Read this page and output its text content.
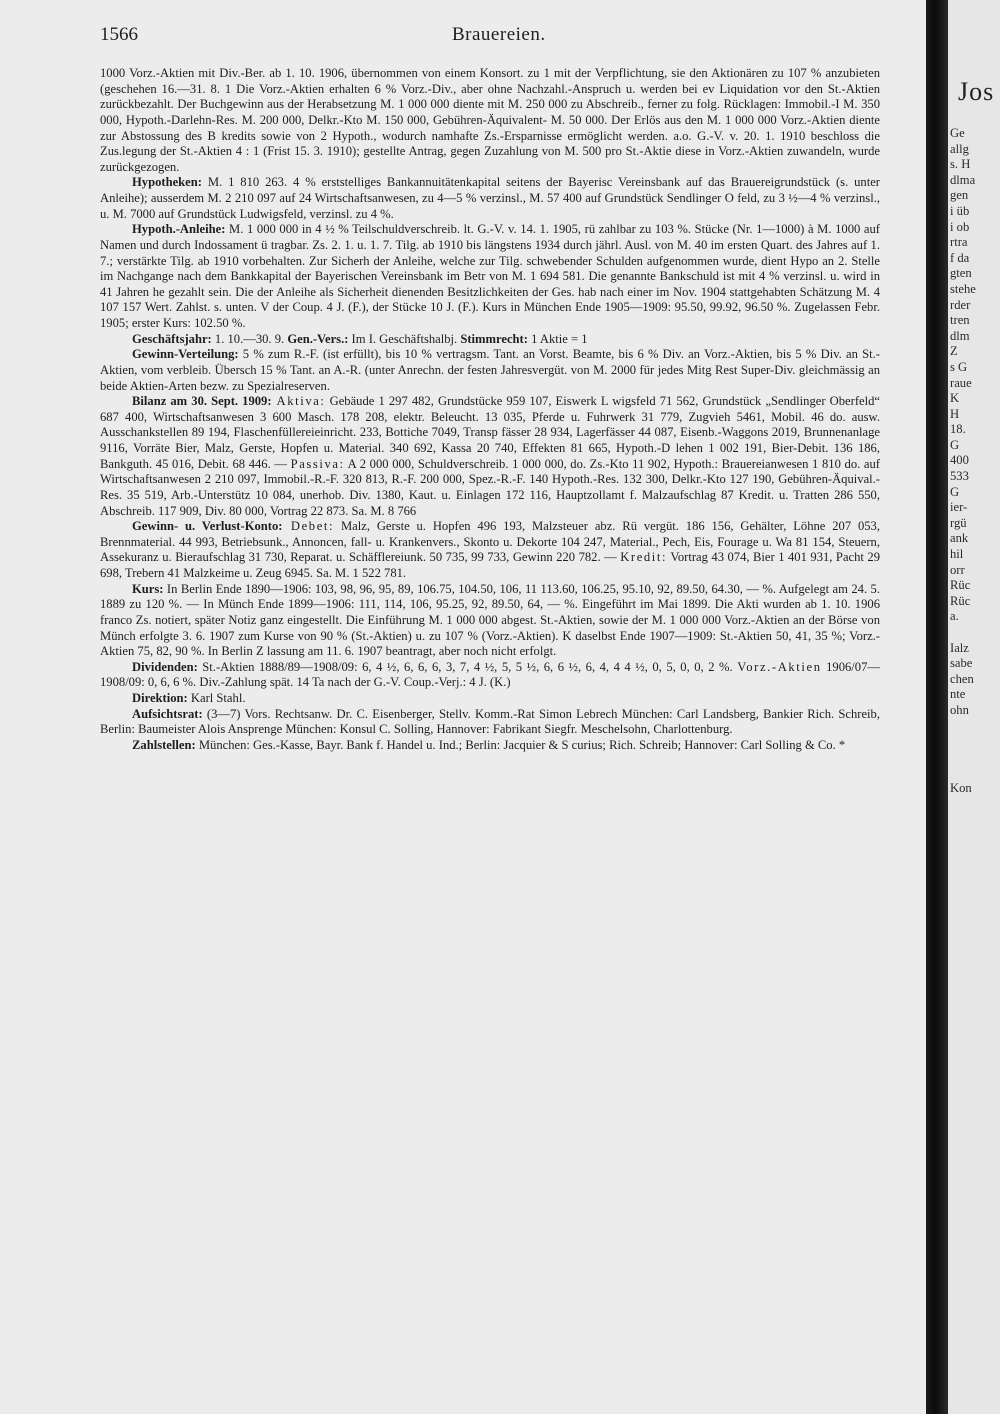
1566	Brauereien.

1000 Vorz.-Aktien mit Div.-Ber. ab 1. 10. 1906, übernommen von einem Konsort. zu 1 mit der Verpflichtung, sie den Aktionären zu 107 % anzubieten (geschehen 16.—31. 8. 1 Die Vorz.-Aktien erhalten 6 % Vorz.-Div., aber ohne Nachzahl.-Anspruch u. werden bei ev Liquidation vor den St.-Aktien zurückbezahlt. Der Buchgewinn aus der Herabsetzung M. 1 000 000 diente mit M. 250 000 zu Abschreib., ferner zu folg. Rücklagen: Immobil.-I M. 350 000, Hypoth.-Darlehn-Res. M. 200 000, Delkr.-Kto M. 150 000, Gebühren-Äquivalent- M. 50 000. Der Erlös aus den M. 1 000 000 Vorz.-Aktien diente zur Abstossung des B kredits sowie von 2 Hypoth., wodurch namhafte Zs.-Ersparnisse ermöglicht werden. a.o. G.-V. v. 20. 1. 1910 beschloss die Zus.legung der St.-Aktien 4 : 1 (Frist 15. 3. 1910); gestellte Antrag, gegen Zuzahlung von M. 500 pro St.-Aktie diese in Vorz.-Aktien zuwandeln, wurde zurückgezogen.

Hypotheken: M. 1 810 263. 4 % erststelliges Bankannuitätenkapital seitens der Bayerisc Vereinsbank auf das Brauereigrundstück (s. unter Anleihe); ausserdem M. 2 210 097 auf 24 Wirtschaftsanwesen, zu 4—5 % verzinsl., M. 57 400 auf Grundstück Sendlinger O feld, zu 3 ½—4 % verzinsl., u. M. 7000 auf Grundstück Ludwigsfeld, verzinsl. zu 4 %.

Hypoth.-Anleihe: M. 1 000 000 in 4 ½ % Teilschuldverschreib. lt. G.-V. v. 14. 1. 1905, rü zahlbar zu 103 %. Stücke (Nr. 1—1000) à M. 1000 auf Namen und durch Indossament ü tragbar. Zs. 2. 1. u. 1. 7. Tilg. ab 1910 bis längstens 1934 durch jährl. Ausl. von M. 40 im ersten Quart. des Jahres auf 1. 7.; verstärkte Tilg. ab 1910 vorbehalten. Zur Sicherh der Anleihe, welche zur Tilg. schwebender Schulden aufgenommen wurde, dient Hypo an 2. Stelle im Nachgange nach dem Bankkapital der Bayerischen Vereinsbank im Betr von M. 1 694 581. Die genannte Bankschuld ist mit 4 % verzinsl. u. wird in 41 Jahren he gezahlt sein. Die der Anleihe als Sicherheit dienenden Besitzlichkeiten der Ges. hab nach einer im Nov. 1904 stattgehabten Schätzung M. 4 107 157 Wert. Zahlst. s. unten. V der Coup. 4 J. (F.), der Stücke 10 J. (F.). Kurs in München Ende 1905—1909: 95.50, 99.92, 96.50 %. Zugelassen Febr. 1905; erster Kurs: 102.50 %.

Geschäftsjahr: 1. 10.—30. 9. Gen.-Vers.: Im I. Geschäftshalbj. Stimmrecht: 1 Aktie = 1

Gewinn-Verteilung: 5 % zum R.-F. (ist erfüllt), bis 10 % vertragsm. Tant. an Vorst. Beamte, bis 6 % Div. an Vorz.-Aktien, bis 5 % Div. an St.-Aktien, vom verbleib. Übersch 15 % Tant. an A.-R. (unter Anrechn. der festen Jahresvergüt. von M. 2000 für jedes Mitg Rest Super-Div. gleichmässig an beide Aktien-Arten bezw. zu Spezialreserven.

Bilanz am 30. Sept. 1909: Aktiva: Gebäude 1 297 482, Grundstücke 959 107, Eiswerk L wigsfeld 71 562, Grundstück „Sendlinger Oberfeld“ 687 400, Wirtschaftsanwesen 3 600 Masch. 178 208, elektr. Beleucht. 13 035, Pferde u. Fuhrwerk 31 779, Zugvieh 5461, Mobil. 46 do. ausw. Ausschankstellen 89 194, Flaschenfüllereieinricht. 233, Bottiche 7049, Transp fässer 28 934, Lagerfässer 44 087, Eisenb.-Waggons 2019, Brunnenanlage 9116, Vorräte Bier, Malz, Gerste, Hopfen u. Material. 340 692, Kassa 20 740, Effekten 81 665, Hypoth.-D lehen 1 002 191, Bier-Debit. 136 186, Bankguth. 45 016, Debit. 68 446. — Passiva: A 2 000 000, Schuldverschreib. 1 000 000, do. Zs.-Kto 11 902, Hypoth.: Brauereianwesen 1 810 do. auf Wirtschaftsanwesen 2 210 097, Immobil.-R.-F. 320 813, R.-F. 200 000, Spez.-R.-F. 140 Hypoth.-Res. 132 300, Delkr.-Kto 127 190, Gebühren-Äquival.-Res. 35 519, Arb.-Unterstütz 10 084, unerhob. Div. 1380, Kaut. u. Einlagen 172 116, Hauptzollamt f. Malzaufschlag 87 Kredit. u. Tratten 286 550, Abschreib. 117 909, Div. 80 000, Vortrag 22 873. Sa. M. 8 766

Gewinn- u. Verlust-Konto: Debet: Malz, Gerste u. Hopfen 496 193, Malzsteuer abz. Rü vergüt. 186 156, Gehälter, Löhne 207 053, Brennmaterial. 44 993, Betriebsunk., Annoncen, fall- u. Krankenvers., Skonto u. Dekorte 104 247, Material., Pech, Eis, Fourage u. Wa 81 154, Steuern, Assekuranz u. Bieraufschlag 31 730, Reparat. u. Schäfflereiunk. 50 735, 99 733, Gewinn 220 782. — Kredit: Vortrag 43 074, Bier 1 401 931, Pacht 29 698, Trebern 41 Malzkeime u. Zeug 6945. Sa. M. 1 522 781.

Kurs: In Berlin Ende 1890—1906: 103, 98, 96, 95, 89, 106.75, 104.50, 106, 11 113.60, 106.25, 95.10, 92, 89.50, 64.30, — %. Aufgelegt am 24. 5. 1889 zu 120 %. — In Münch Ende 1899—1906: 111, 114, 106, 95.25, 92, 89.50, 64, — %. Eingeführt im Mai 1899. Die Akti wurden ab 1. 10. 1906 franco Zs. notiert, später Notiz ganz eingestellt. Die Einführung M. 1 000 000 abgest. St.-Aktien, sowie der M. 1 000 000 Vorz.-Aktien an der Börse von Münch erfolgte 3. 6. 1907 zum Kurse von 90 % (St.-Aktien) u. zu 107 % (Vorz.-Aktien). K daselbst Ende 1907—1909: St.-Aktien 50, 41, 35 %; Vorz.-Aktien 75, 82, 90 %. In Berlin Z lassung am 11. 6. 1907 beantragt, aber noch nicht erfolgt.

Dividenden: St.-Aktien 1888/89—1908/09: 6, 4 ½, 6, 6, 6, 3, 7, 4 ½, 5, 5 ½, 6, 6 ½, 6, 4, 4 4 ½, 0, 5, 0, 0, 2 %. Vorz.-Aktien 1906/07—1908/09: 0, 6, 6 %. Div.-Zahlung spät. 14 Ta nach der G.-V. Coup.-Verj.: 4 J. (K.)

Direktion: Karl Stahl.

Aufsichtsrat: (3—7) Vors. Rechtsanw. Dr. C. Eisenberger, Stellv. Komm.-Rat Simon Lebrech München: Carl Landsberg, Bankier Rich. Schreib, Berlin: Baumeister Alois Ansprenge München: Konsul C. Solling, Hannover: Fabrikant Siegfr. Meschelsohn, Charlottenburg.

Zahlstellen: München: Ges.-Kasse, Bayr. Bank f. Handel u. Ind.; Berlin: Jacquier & S curius; Rich. Schreib; Hannover: Carl Solling & Co. *

Jos
Ge
allg
s. H
dlma
gen
i üb
i ob
rtra
f da
gten
stehe
rder
tren
dlm
Z
s G
raue
K
H
18.
G
400
533
G
ier-
rgü
ank
hil
orr
Rüc
Rüc
a.
Ialz
sabe
chen
nte
ohn
Kon
